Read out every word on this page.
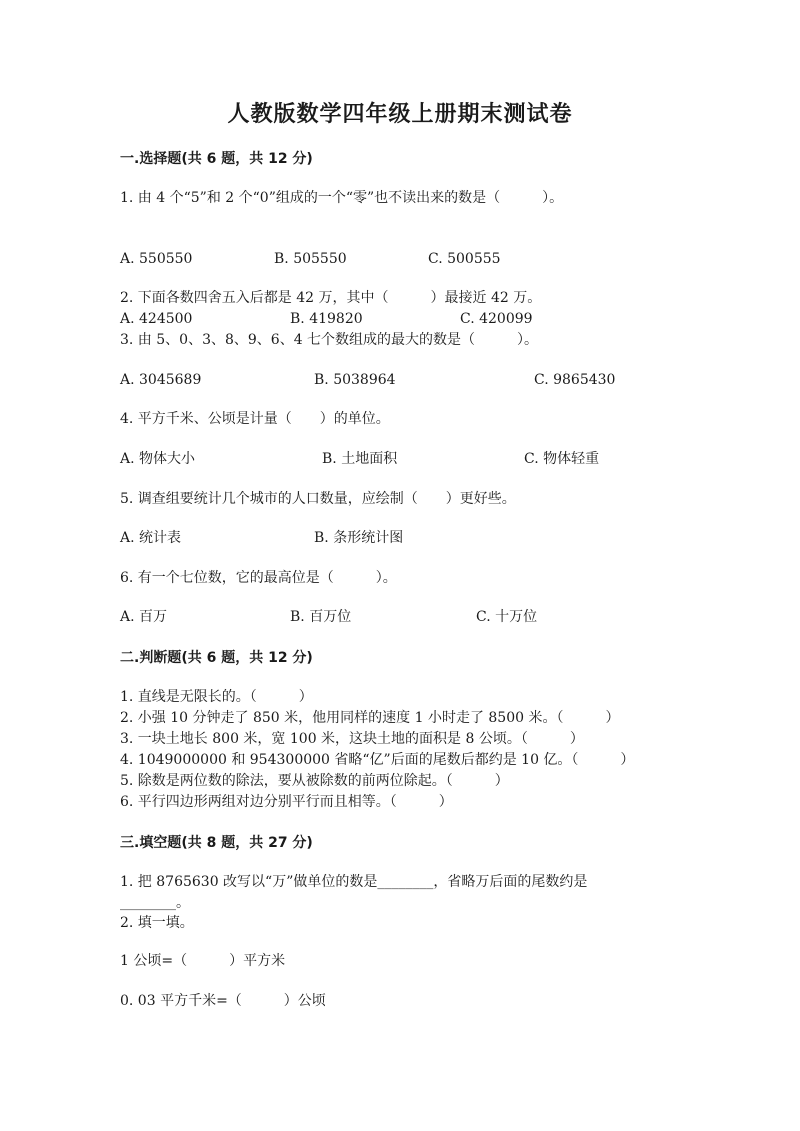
人教版数学四年级上册期末测试卷
一.选择题(共 6 题，共 12 分)
1. 由 4 个“5”和 2 个“0”组成的一个“零”也不读出来的数是（　　　）。
A. 550550	B. 505550	C. 500555
2. 下面各数四舍五入后都是 42 万，其中（　　　）最接近 42 万。
A. 424500	B. 419820	C. 420099
3. 由 5、0、3、8、9、6、4 七个数组成的最大的数是（　　　）。
A. 3045689	B. 5038964	C. 9865430
4. 平方千米、公顷是计量（　　）的单位。
A. 物体大小	B. 土地面积	C. 物体轻重
5. 调查组要统计几个城市的人口数量，应绘制（　　）更好些。
A. 统计表	B. 条形统计图
6. 有一个七位数，它的最高位是（　　　）。
A. 百万	B. 百万位	C. 十万位
二.判断题(共 6 题，共 12 分)
1. 直线是无限长的。（　　　）
2. 小强 10 分钟走了 850 米，他用同样的速度 1 小时走了 8500 米。（　　　）
3. 一块土地长 800 米，宽 100 米，这块土地的面积是 8 公顷。（　　　）
4. 1049000000 和 954300000 省略“亿”后面的尾数后都约是 10 亿。（　　　）
5. 除数是两位数的除法，要从被除数的前两位除起。（　　　）
6. 平行四边形两组对边分别平行而且相等。（　　　）
三.填空题(共 8 题，共 27 分)
1. 把 8765630 改写以“万”做单位的数是________，省略万后面的尾数约是
________。
2. 填一填。
1 公顷=（　　　）平方米
0. 03 平方千米=（　　　）公顷
